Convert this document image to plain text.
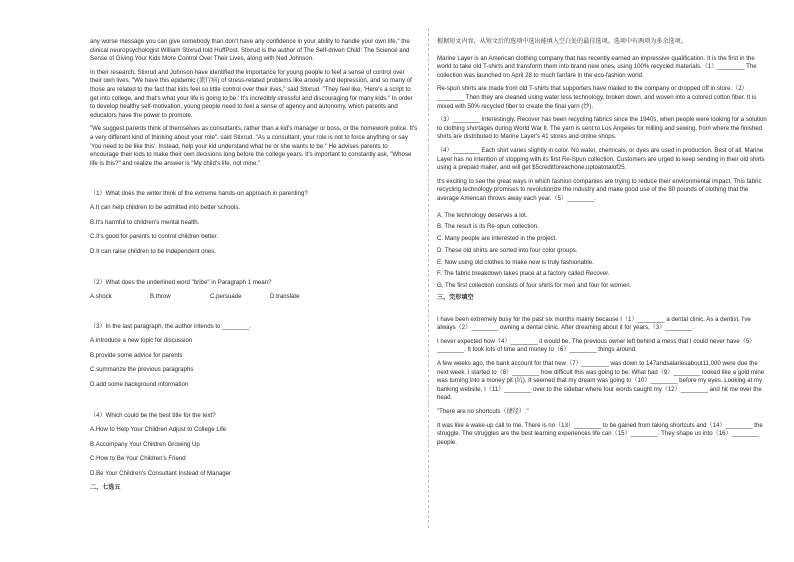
any worse message you can give somebody than don't have any confidence in your ability to handle your own life," the clinical neuropsychologist William Stixrud told HuffPost. Stixrud is the author of The Self-driven Child: The Science and Sense of Giving Your Kids More Control Over Their Lives, along with Ned Johnson.

In their research, Stixrud and Johnson have identified the importance for young people to feel a sense of control over their own lives. "We have this epidemic (流行病) of stress-related problems like anxiety and depression, and so many of those are related to the fact that kids feel so little control over their lives," said Stixrud. "They feel like, 'Here's a script to get into college, and that's what your life is going to be.' It's incredibly stressful and discouraging for many kids." In order to develop healthy self-motivation, young people need to feel a sense of agency and autonomy, which parents and educators have the power to promote.

"We suggest parents think of themselves as consultants, rather than a kid's manager or boss, or the homework police. It's a very different kind of thinking about your role", said Stixrud. "As a consultant, your role is not to force anything or say 'You need to be like this'. Instead, help your kid understand what he or she wants to be." He advises parents to encourage their kids to make their own decisions long before the college years. It's important to constantly ask, "Whose life is this?" and realize the answer is "My child's life, not mine."

（1）What does the writer think of the extreme hands-on approach in parenting?

A.It can help children to be admitted into better schools.

B.It's harmful to children's mental health.

C.It's good for parents to control children better.

D.It can raise children to be independent ones.

（2）What does the underlined word "bribe" in Paragraph 1 mean?

A.shock	B.throw	C.persuade	D.translate

（3）In the last paragraph, the author intends to ________.

A.introduce a new topic for discussion

B.provide some advice for parents

C.summarize the previous paragraphs

D.add some background information

（4）Which could be the best title for the text?

A.How to Help Your Children Adjust to College Life

B.Accompany Your Children Growing Up

C.How to Be Your Children's Friend

D.Be Your Children's Consultant Instead of Manager

二、七选五

根据短文内容，从短文后的选项中选出能填入空白处的最佳选项。选项中有两项为多余选项。

Marine Layer is an American clothing company that has recently earned an impressive qualification. It is the first in the world to take old T-shirts and transform them into brand new ones, using 100% recycled materials.（1）________ The collection was launched on April 28 to much fanfare in the eco-fashion world.

Re-spun shirts are made from old T-shirts that supporters have mailed to the company or dropped off in store.（2）________ Then they are cleaned using water less technology, broken down, and woven into a colored cotton fiber. It is mixed with 50% recycled fiber to create the final yarn (纱).

（3）________ Interestingly, Recover has been recycling fabrics since the 1940s, when people were looking for a solution to clothing shortages during World War Ⅱ. The yarn is sent to Los Angeles for milling and sewing, from where the finished shirts are distributed to Marine Layer's 41 stores and online shops.

（4）________ Each shirt varies slightly in color. No water, chemicals, or dyes are used in production. Best of all, Marine Layer has no intention of stopping with its first Re-Spun collection. Customers are urged to keep sending in their old shirts using a prepaid mailer, and will get $5creditforeachone,uptoatotalof25.

It's exciting to see the great ways in which fashion companies are trying to reduce their environmental impact. This fabric recycling technology promises to revolutionize the industry and make good use of the 80 pounds of clothing that the average American throws away each year.（5）________.

A. The technology deserves a lot.

B. The result is its Re-spun collection.

C. Many people are interested in the project.

D. These old shirts are sorted into four color groups.

E. Now using old clothes to make new is truly fashionable.

F. The fabric breakdown takes place at a factory called Recover.

G. The first collection consists of four shirts for men and four for women.

三、完形填空

I have been extremely busy for the past six months mainly because I（1）________ a dental clinic. As a dentist, I've always（2）________ owning a dental clinic. After dreaming about it for years,（3）________.

I never expected how（4）________ it would be. The previous owner left behind a mess that I could never have（5）________. It took lots of time and money to（6）________ things around.

A few weeks ago, the bank account for that new（7）________ was down to 147andsalariesabout11,000 were due the next week. I started to（8）________ how difficult this was going to be. What had（9）________ looked like a gold mine was turning into a money pit (坑). It seemed that my dream was going to（10）________ before my eyes. Looking at my banking website, I（11）________ over to the sidebar where four words caught my（12）________ and hit me over the head.

"There are no shortcuts（捷径）."

It was like a wake-up call to me. There is no（13）________ to be gained from taking shortcuts and（14）________ the struggle. The struggles are the best learning experiences life can（15）________. They shape us into（16）________ people.
